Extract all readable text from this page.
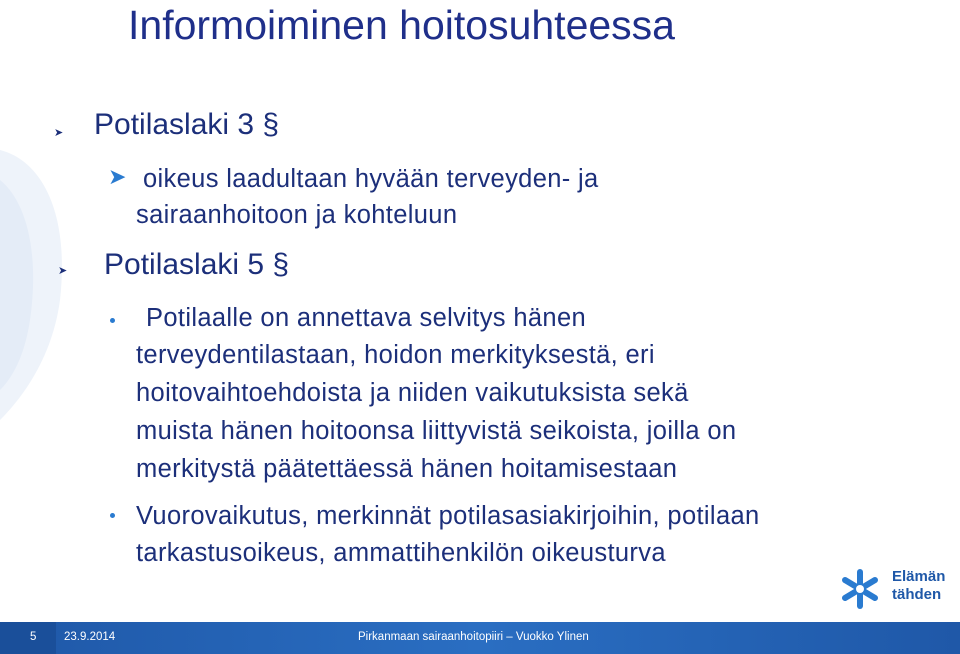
Informoiminen hoitosuhteessa
➤ Potilaslaki 3 §
➤ oikeus laadultaan hyvään terveyden- ja
sairaanhoitoon ja kohteluun
➤ Potilaslaki 5 §
Potilaalle on annettava selvitys hänen
terveydentilastaan, hoidon merkityksestä, eri
hoitovaihtoehdoista ja niiden vaikutuksista sekä
muista hänen hoitoonsa liittyvistä seikoista, joilla on
merkitystä päätettäessä hänen hoitamisestaan
Vuorovaikutus, merkinnät potilasasiakirjoihin, potilaan
tarkastusoikeus, ammattihenkilön oikeusturva
Elämän
tähden
5 23.9.2014	Pirkanmaan sairaanhoitopiiri – Vuokko Ylinen
